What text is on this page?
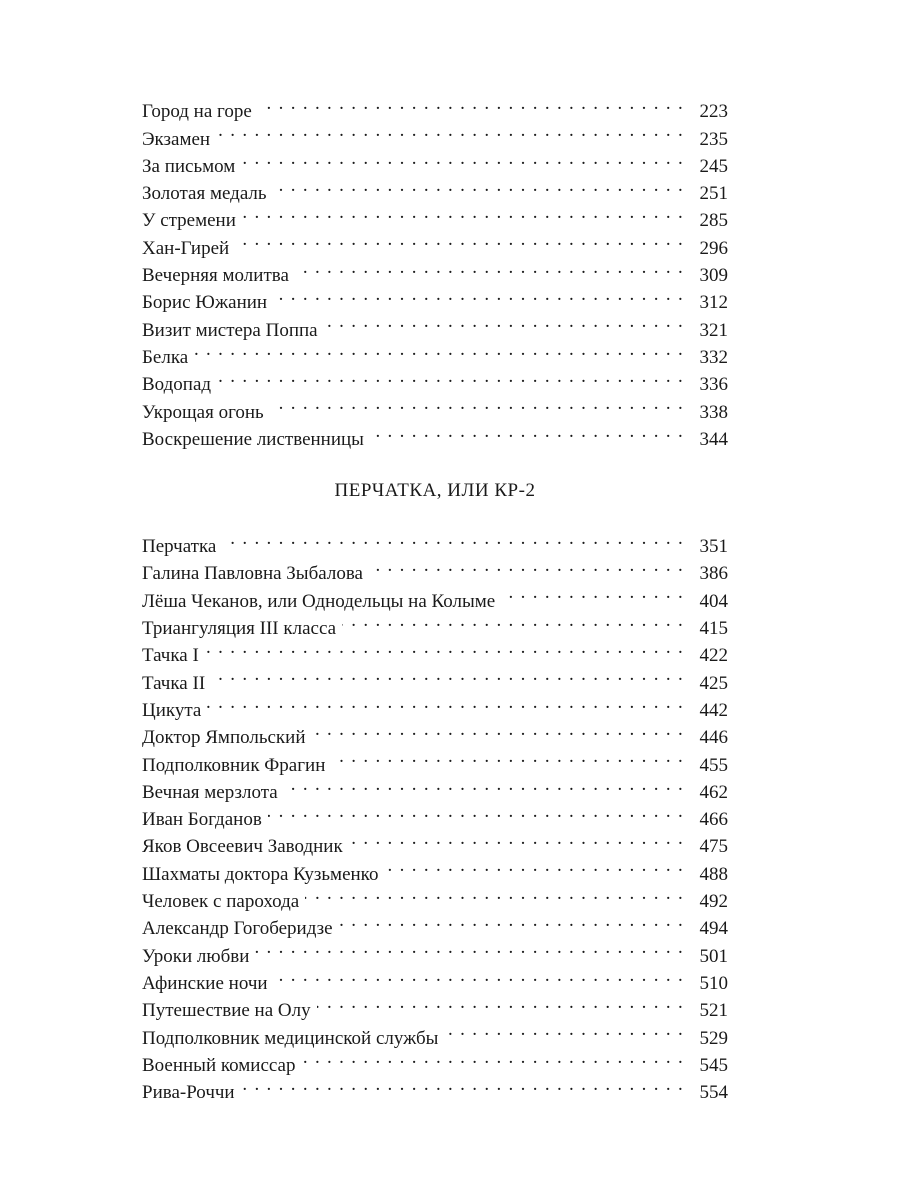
Город на горе . . .	223
Экзамен . . .	235
За письмом . . .	245
Золотая медаль . . .	251
У стремени . . .	285
Хан-Гирей . . .	296
Вечерняя молитва . . .	309
Борис Южанин . . .	312
Визит мистера Поппа . . .	321
Белка . . .	332
Водопад . . .	336
Укрощая огонь . . .	338
Воскрешение лиственницы . . .	344
ПЕРЧАТКА, ИЛИ КР-2
Перчатка . . .	351
Галина Павловна Зыбалова . . .	386
Лёша Чеканов, или Однодельцы на Колыме . . .	404
Триангуляция III класса . . .	415
Тачка I . . .	422
Тачка II . . .	425
Цикута . . .	442
Доктор Ямпольский . . .	446
Подполковник Фрагин . . .	455
Вечная мерзлота . . .	462
Иван Богданов . . .	466
Яков Овсеевич Заводник . . .	475
Шахматы доктора Кузьменко . . .	488
Человек с парохода . . .	492
Александр Гогоберидзе . . .	494
Уроки любви . . .	501
Афинские ночи . . .	510
Путешествие на Олу . . .	521
Подполковник медицинской службы . . .	529
Военный комиссар . . .	545
Рива-Роччи . . .	554
